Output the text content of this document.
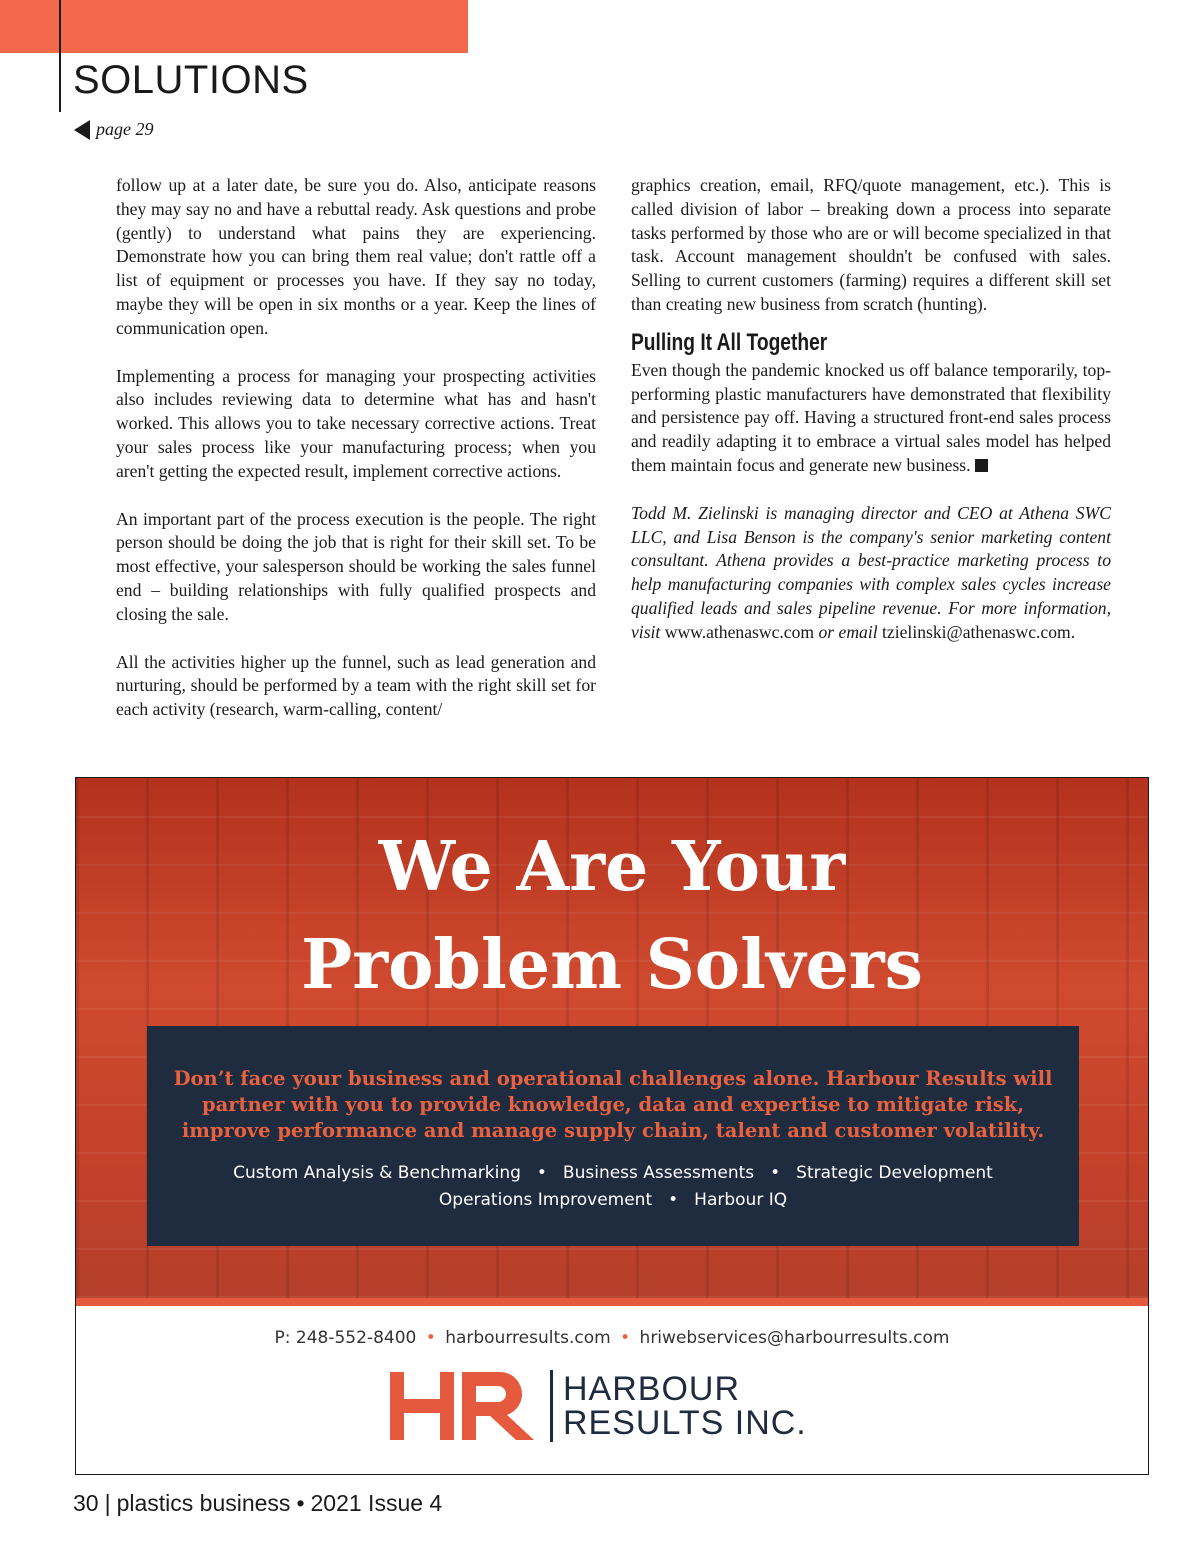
SOLUTIONS
page 29

follow up at a later date, be sure you do. Also, anticipate reasons they may say no and have a rebuttal ready. Ask questions and probe (gently) to understand what pains they are experiencing. Demonstrate how you can bring them real value; don't rattle off a list of equipment or processes you have. If they say no today, maybe they will be open in six months or a year. Keep the lines of communication open.

Implementing a process for managing your prospecting activities also includes reviewing data to determine what has and hasn't worked. This allows you to take necessary corrective actions. Treat your sales process like your manufacturing process; when you aren't getting the expected result, implement corrective actions.

An important part of the process execution is the people. The right person should be doing the job that is right for their skill set. To be most effective, your salesperson should be working the sales funnel end – building relationships with fully qualified prospects and closing the sale.

All the activities higher up the funnel, such as lead generation and nurturing, should be performed by a team with the right skill set for each activity (research, warm-calling, content/

graphics creation, email, RFQ/quote management, etc.). This is called division of labor – breaking down a process into separate tasks performed by those who are or will become specialized in that task. Account management shouldn't be confused with sales. Selling to current customers (farming) requires a different skill set than creating new business from scratch (hunting).

Pulling It All Together

Even though the pandemic knocked us off balance temporarily, top-performing plastic manufacturers have demonstrated that flexibility and persistence pay off. Having a structured front-end sales process and readily adapting it to embrace a virtual sales model has helped them maintain focus and generate new business.

Todd M. Zielinski is managing director and CEO at Athena SWC LLC, and Lisa Benson is the company's senior marketing content consultant. Athena provides a best-practice marketing process to help manufacturing companies with complex sales cycles increase qualified leads and sales pipeline revenue. For more information, visit www.athenaswc.com or email tzielinski@athenaswc.com.

We Are Your
Problem Solvers
Don’t face your business and operational challenges alone. Harbour Results will partner with you to provide knowledge, data and expertise to mitigate risk, improve performance and manage supply chain, talent and customer volatility.
Custom Analysis & Benchmarking • Business Assessments • Strategic Development
Operations Improvement • Harbour IQ
P: 248-552-8400 • harbourresults.com • hriwebservices@harbourresults.com
HARBOUR
RESULTS INC.
30 | plastics business • 2021 Issue 4
